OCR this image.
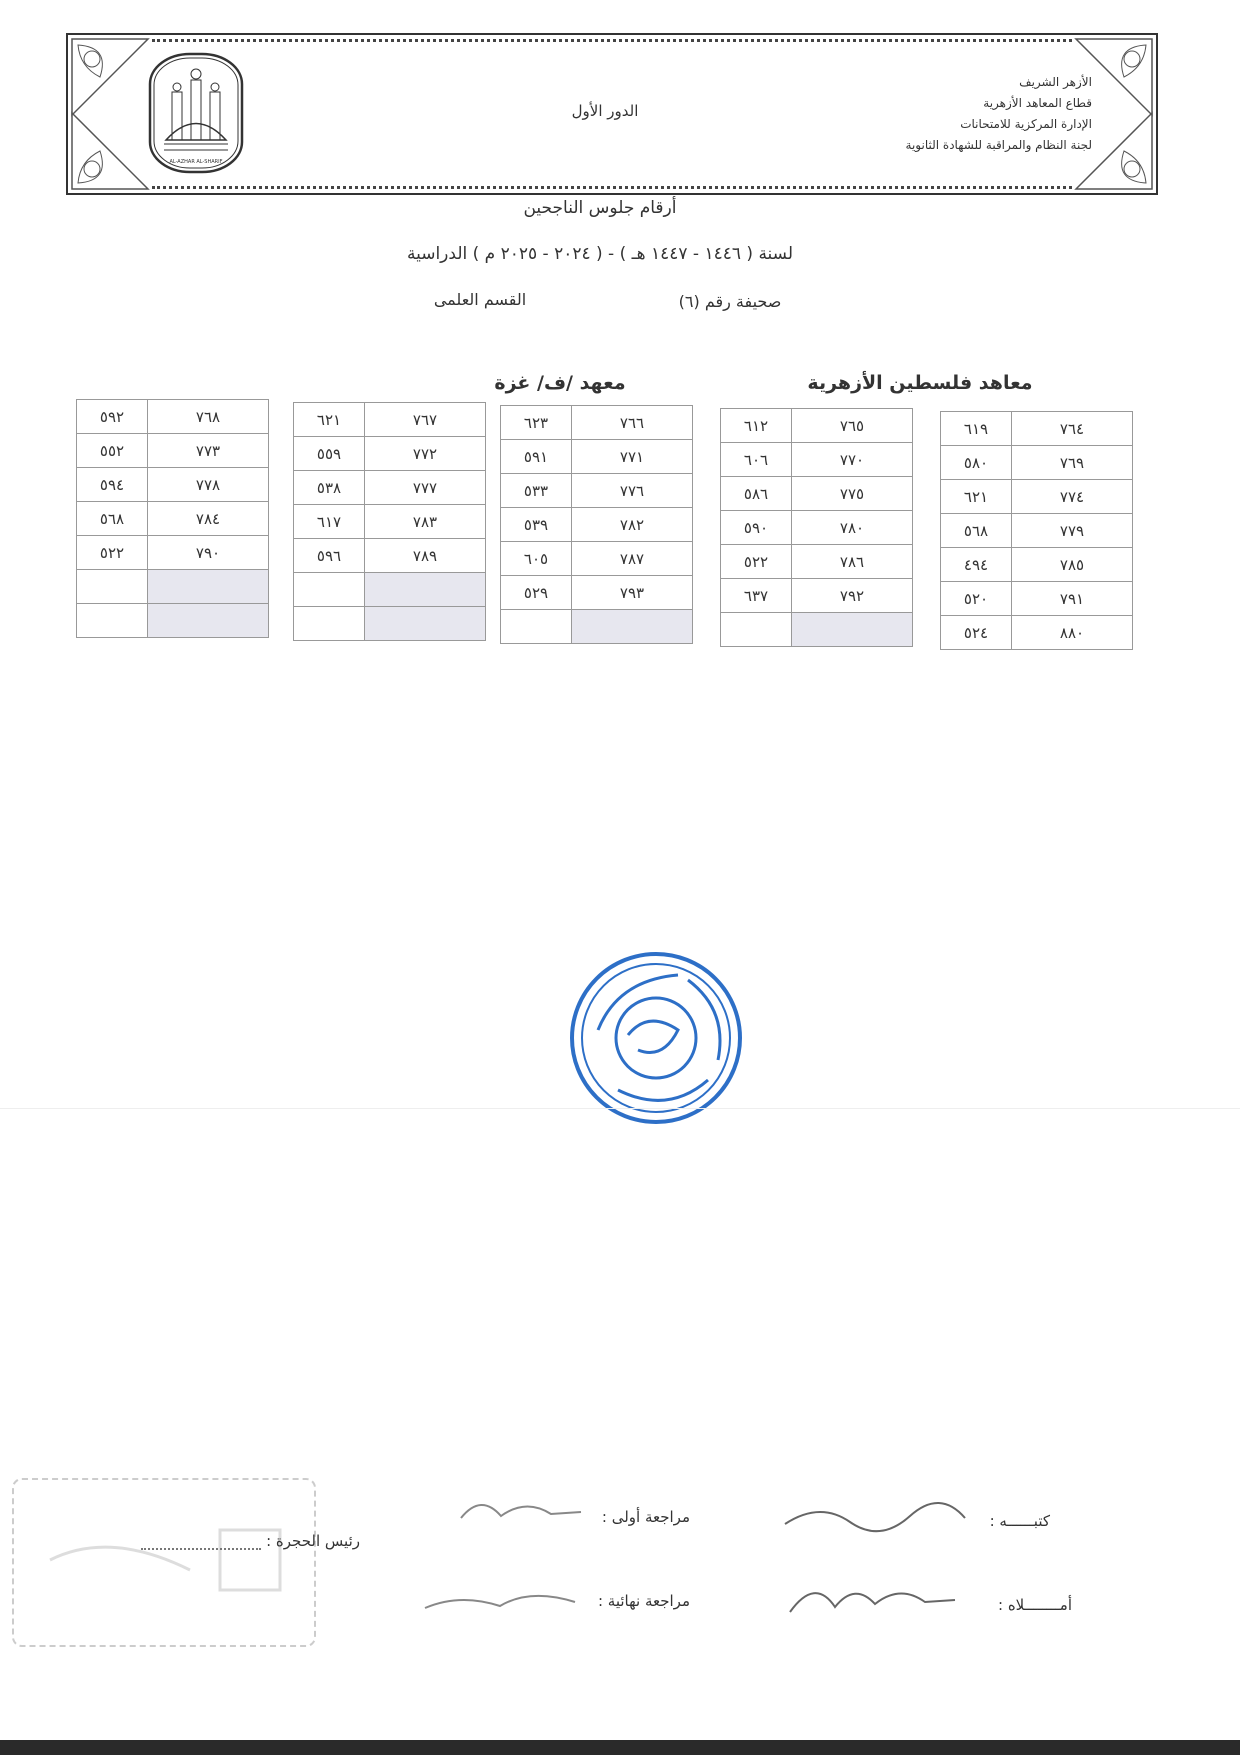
AL-AZHAR AL-SHARIF
الأزهر الشريف
قطاع المعاهد الأزهرية
الإدارة المركزية للامتحانات
لجنة النظام والمراقبة للشهادة الثانوية
الدور الأول
أرقام جلوس الناجحين
لسنة ( ١٤٤٦ - ١٤٤٧ هـ ) - ( ٢٠٢٤ - ٢٠٢٥ م ) الدراسية
صحيفة رقم (٦)
القسم العلمى
معاهد فلسطين الأزهرية
معهد /ف/ غزة
٦١٩	٧٦٤
٥٨٠	٧٦٩
٦٢١	٧٧٤
٥٦٨	٧٧٩
٤٩٤	٧٨٥
٥٢٠	٧٩١
٥٢٤	٨٨٠
٦١٢	٧٦٥
٦٠٦	٧٧٠
٥٨٦	٧٧٥
٥٩٠	٧٨٠
٥٢٢	٧٨٦
٦٣٧	٧٩٢

٦٢٣	٧٦٦
٥٩١	٧٧١
٥٣٣	٧٧٦
٥٣٩	٧٨٢
٦٠٥	٧٨٧
٥٢٩	٧٩٣

٦٢١	٧٦٧
٥٥٩	٧٧٢
٥٣٨	٧٧٧
٦١٧	٧٨٣
٥٩٦	٧٨٩

٥٩٢	٧٦٨
٥٥٢	٧٧٣
٥٩٤	٧٧٨
٥٦٨	٧٨٤
٥٢٢	٧٩٠

كتبــــــه :
أمــــــــلاه :
مراجعة أولى :
مراجعة نهائية :
رئيس الحجرة :
